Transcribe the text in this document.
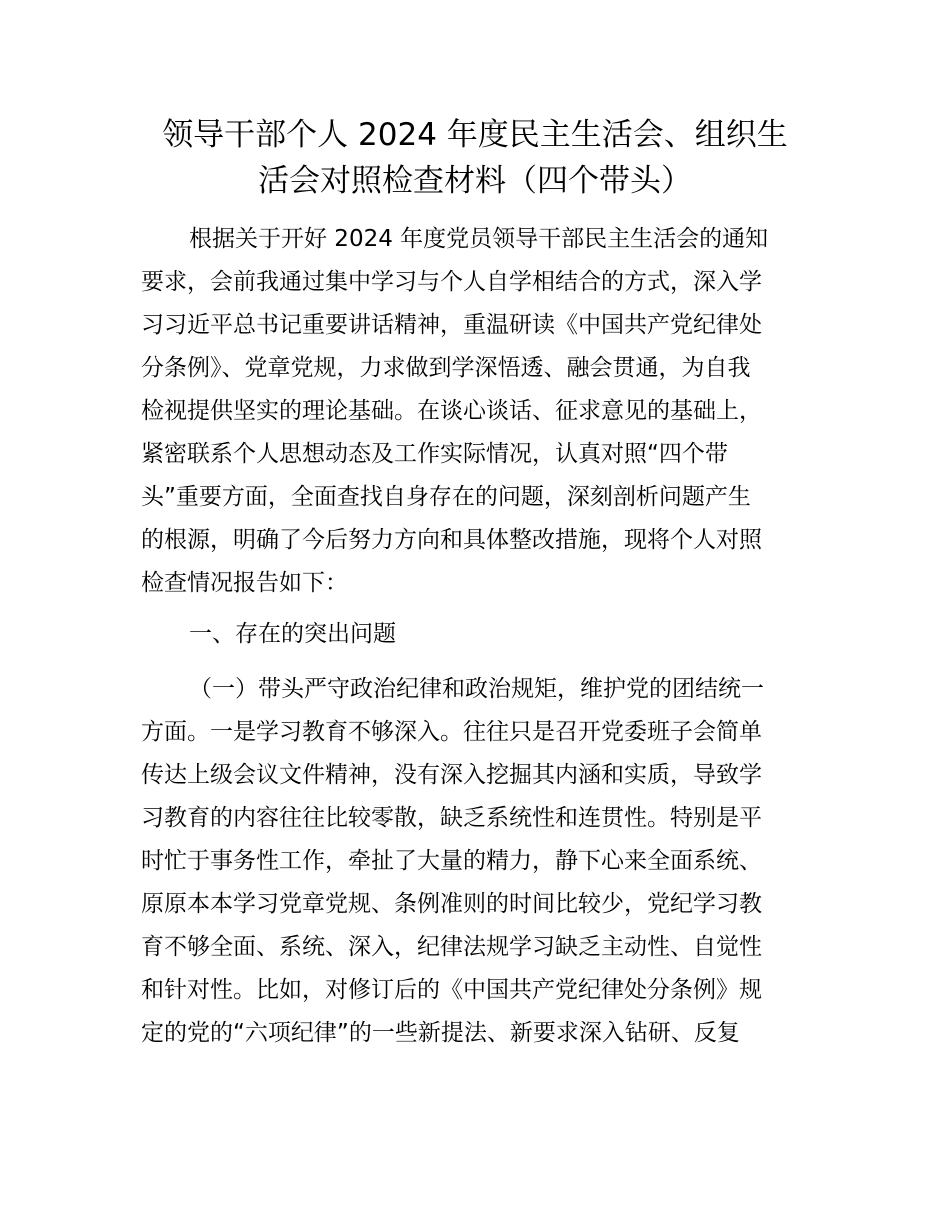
领导干部个人 2024 年度民主生活会、组织生
活会对照检查材料（四个带头）
根据关于开好 2024 年度党员领导干部民主生活会的通知
要求，会前我通过集中学习与个人自学相结合的方式，深入学
习习近平总书记重要讲话精神，重温研读《中国共产党纪律处
分条例》、党章党规，力求做到学深悟透、融会贯通，为自我
检视提供坚实的理论基础。在谈心谈话、征求意见的基础上，
紧密联系个人思想动态及工作实际情况，认真对照“四个带
头”重要方面，全面查找自身存在的问题，深刻剖析问题产生
的根源，明确了今后努力方向和具体整改措施，现将个人对照
检查情况报告如下：
一、存在的突出问题
（一）带头严守政治纪律和政治规矩，维护党的团结统一
方面。一是学习教育不够深入。往往只是召开党委班子会简单
传达上级会议文件精神，没有深入挖掘其内涵和实质，导致学
习教育的内容往往比较零散，缺乏系统性和连贯性。特别是平
时忙于事务性工作，牵扯了大量的精力，静下心来全面系统、
原原本本学习党章党规、条例准则的时间比较少，党纪学习教
育不够全面、系统、深入，纪律法规学习缺乏主动性、自觉性
和针对性。比如，对修订后的《中国共产党纪律处分条例》规
定的党的“六项纪律”的一些新提法、新要求深入钻研、反复
